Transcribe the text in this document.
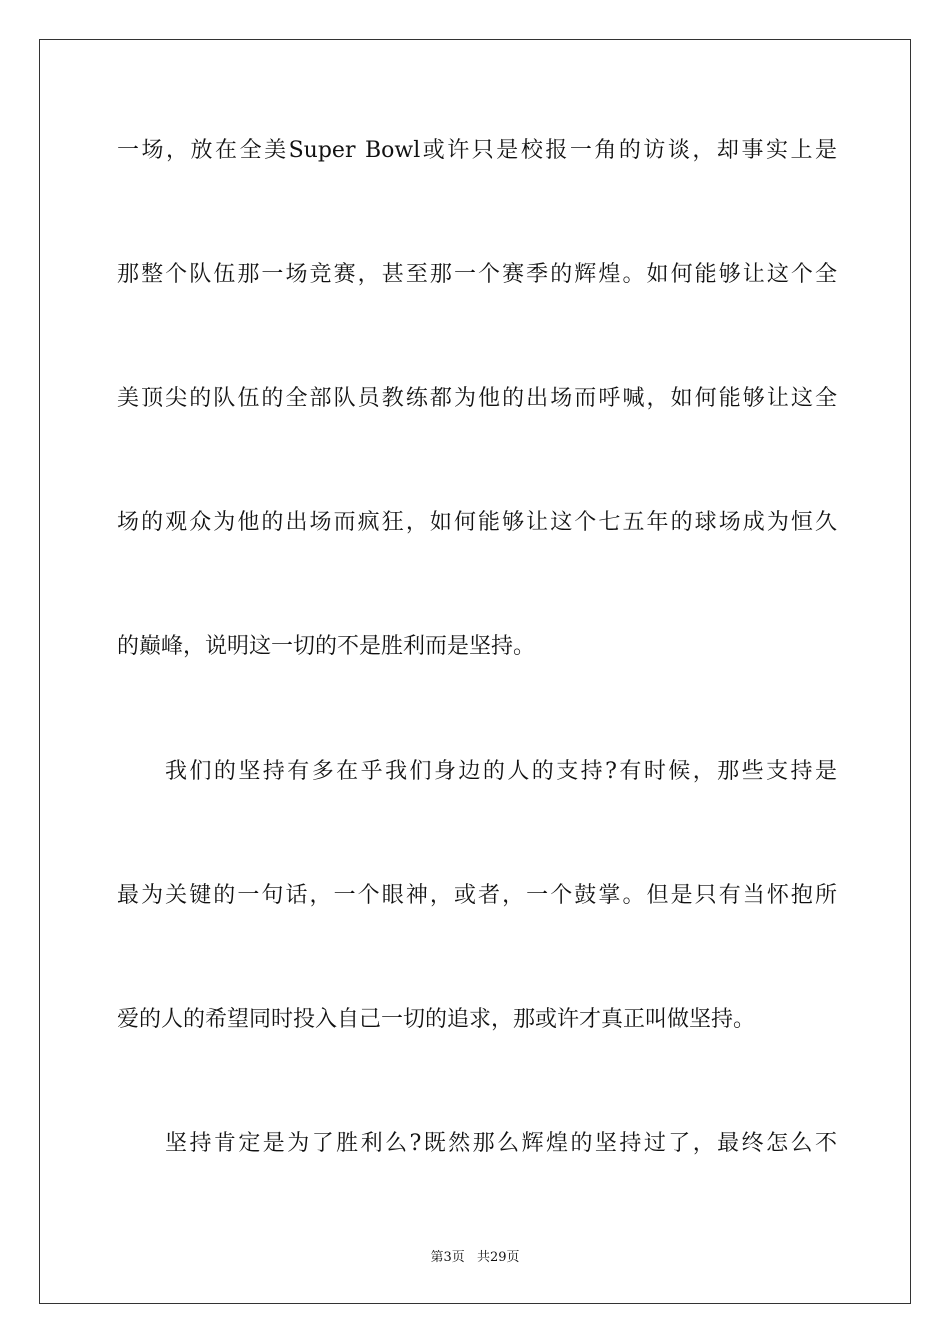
一场，放在全美Super Bowl或许只是校报一角的访谈，却事实上是
那整个队伍那一场竞赛，甚至那一个赛季的辉煌。如何能够让这个全
美顶尖的队伍的全部队员教练都为他的出场而呼喊，如何能够让这全
场的观众为他的出场而疯狂，如何能够让这个七五年的球场成为恒久
的巅峰，说明这一切的不是胜利而是坚持。
我们的坚持有多在乎我们身边的人的支持?有时候，那些支持是
最为关键的一句话，一个眼神，或者，一个鼓掌。但是只有当怀抱所
爱的人的希望同时投入自己一切的追求，那或许才真正叫做坚持。
坚持肯定是为了胜利么?既然那么辉煌的坚持过了，最终怎么不
第3页 共29页
